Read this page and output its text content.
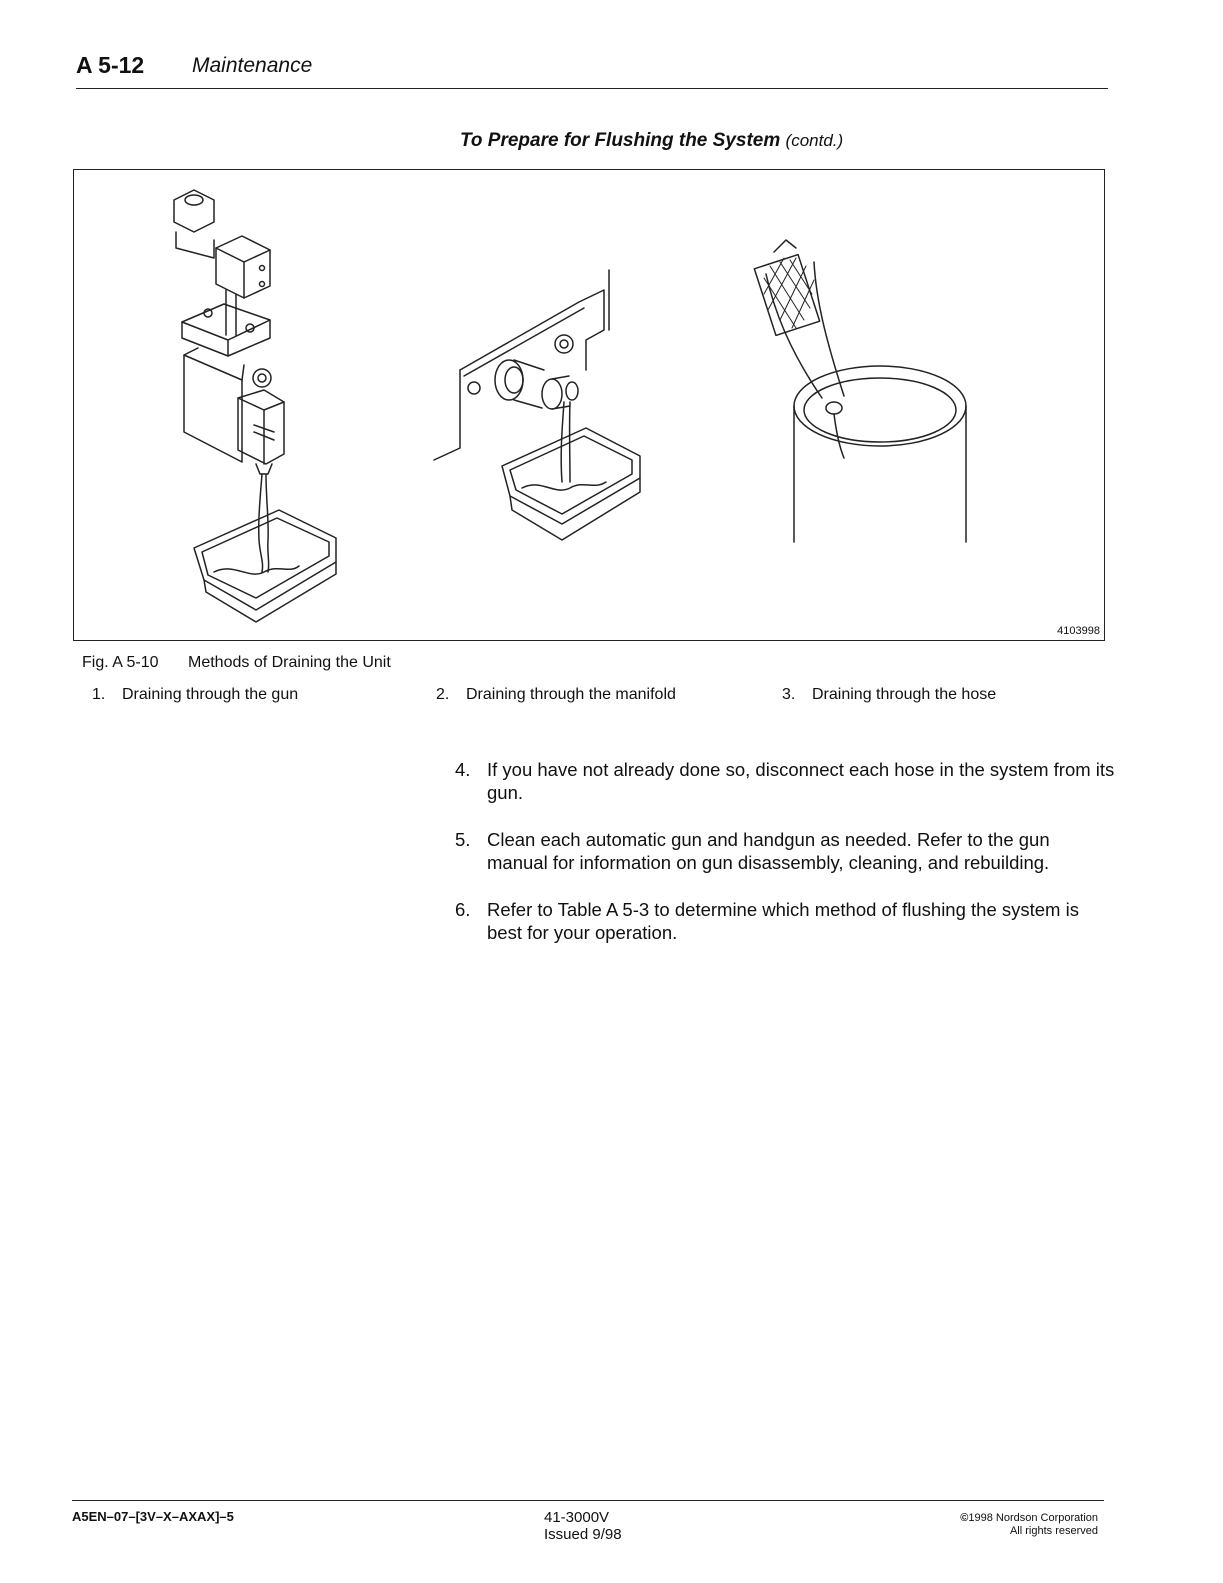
A 5-12 Maintenance
To Prepare for Flushing the System (contd.)
4103998
Fig. A 5-10 Methods of Draining the Unit
1. Draining through the gun	2. Draining through the manifold	3. Draining through the hose
4. If you have not already done so, disconnect each hose in the system from its gun.
5. Clean each automatic gun and handgun as needed. Refer to the gun manual for information on gun disassembly, cleaning, and rebuilding.
6. Refer to Table A 5-3 to determine which method of flushing the system is best for your operation.
A5EN–07–[3V–X–AXAX]–5	41-3000V
Issued 9/98
©1998 Nordson Corporation
All rights reserved
